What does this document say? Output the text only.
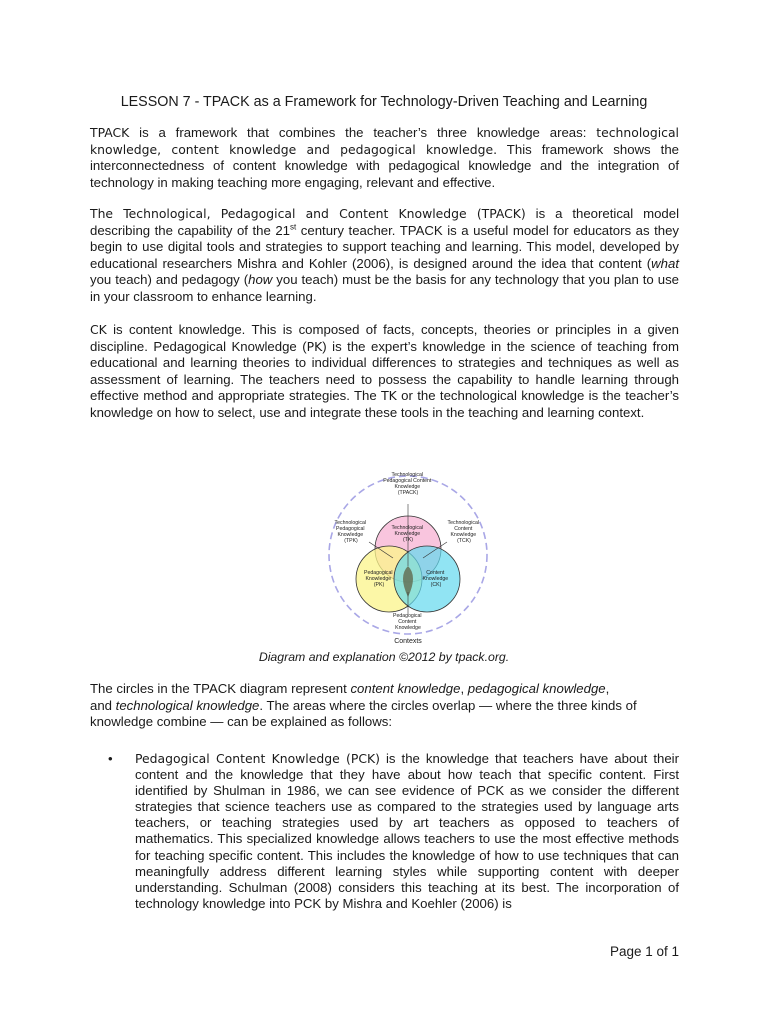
LESSON 7 - TPACK as a Framework for Technology-Driven Teaching and Learning

TPACK is a framework that combines the teacher’s three knowledge areas: technological knowledge, content knowledge and pedagogical knowledge. This framework shows the interconnectedness of content knowledge with pedagogical knowledge and the integration of technology in making teaching more engaging, relevant and effective.

The Technological, Pedagogical and Content Knowledge (TPACK) is a theoretical model describing the capability of the 21st century teacher. TPACK is a useful model for educators as they begin to use digital tools and strategies to support teaching and learning. This model, developed by educational researchers Mishra and Kohler (2006), is designed around the idea that content (what you teach) and pedagogy (how you teach) must be the basis for any technology that you plan to use in your classroom to enhance learning.

CK is content knowledge. This is composed of facts, concepts, theories or principles in a given discipline. Pedagogical Knowledge (PK) is the expert’s knowledge in the science of teaching from educational and learning theories to individual differences to strategies and techniques as well as assessment of learning. The teachers need to possess the capability to handle learning through effective method and appropriate strategies. The TK or the technological knowledge is the teacher’s knowledge on how to select, use and integrate these tools in the teaching and learning context.

Technological Pedagogical Content Knowledge (TPACK)
Technological Pedagogical Knowledge (TPK)
Technological Knowledge (TK)
Technological Content Knowledge (TCK)
Pedagogical Knowledge (PK)
Content Knowledge (CK)
Pedagogical Content Knowledge
Contexts

Diagram and explanation ©2012 by tpack.org.

The circles in the TPACK diagram represent content knowledge, pedagogical knowledge,
and technological knowledge. The areas where the circles overlap — where the three kinds of knowledge combine — can be explained as follows:

• Pedagogical Content Knowledge (PCK) is the knowledge that teachers have about their content and the knowledge that they have about how teach that specific content. First identified by Shulman in 1986, we can see evidence of PCK as we consider the different strategies that science teachers use as compared to the strategies used by language arts teachers, or teaching strategies used by art teachers as opposed to teachers of mathematics. This specialized knowledge allows teachers to use the most effective methods for teaching specific content. This includes the knowledge of how to use techniques that can meaningfully address different learning styles while supporting content with deeper understanding. Schulman (2008) considers this teaching at its best. The incorporation of technology knowledge into PCK by Mishra and Koehler (2006) is

Page 1 of 1
